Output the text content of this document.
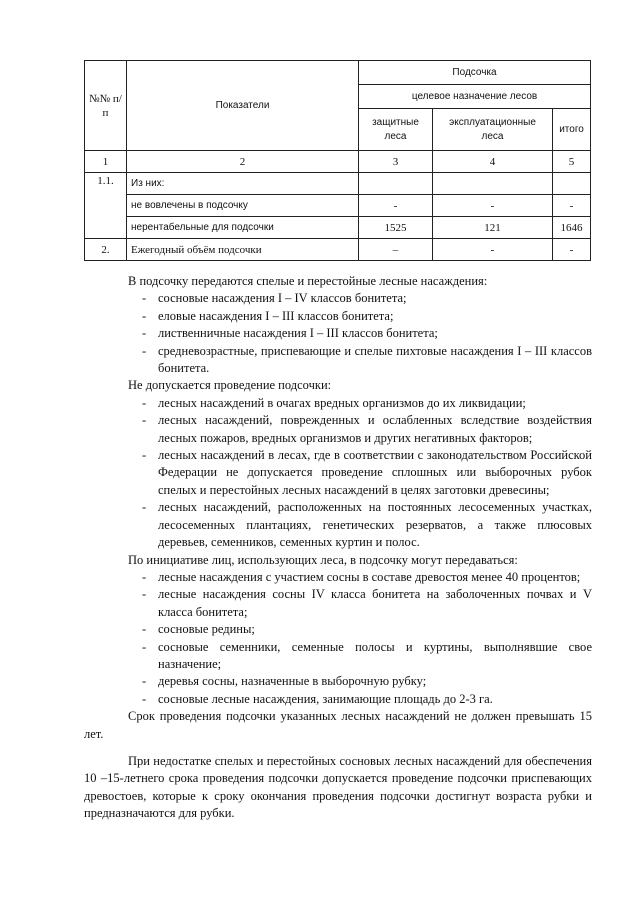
№№ п/п	Показатели	Подсочка		
		целевое назначение лесов		
		защитные леса	эксплуатационные леса	итого
1	2	3	4	5
1.1.	Из них:			
	не вовлечены в подсочку	-	-	-
	нерентабельные для подсочки	1525	121	1646
2.	Ежегодный объём подсочки	–	-	-

В подсочку передаются спелые и перестойные лесные насаждения:

- сосновые насаждения I – IV классов бонитета;
- еловые насаждения I – III классов бонитета;
- лиственничные насаждения I – III классов бонитета;
- средневозрастные, приспевающие и спелые пихтовые насаждения I – III классов бонитета.

Не допускается проведение подсочки:

- лесных насаждений в очагах вредных организмов до их ликвидации;
- лесных насаждений, поврежденных и ослабленных вследствие воздействия лесных пожаров, вредных организмов и других негативных факторов;
- лесных насаждений в лесах, где в соответствии с законодательством Российской Федерации не допускается проведение сплошных или выборочных рубок спелых и перестойных лесных насаждений в целях заготовки древесины;
- лесных насаждений, расположенных на постоянных лесосеменных участках, лесосеменных плантациях, генетических резерватов, а также плюсовых деревьев, семенников, семенных куртин и полос.

По инициативе лиц, использующих леса, в подсочку могут передаваться:

- лесные насаждения с участием сосны в составе древостоя менее 40 процентов;
- лесные насаждения сосны IV класса бонитета на заболоченных почвах и V класса бонитета;
- сосновые редины;
- сосновые семенники, семенные полосы и куртины, выполнявшие свое назначение;
- деревья сосны, назначенные в выборочную рубку;
- сосновые лесные насаждения, занимающие площадь до 2-3 га.

Срок проведения подсочки указанных лесных насаждений не должен превышать 15 лет.

При недостатке спелых и перестойных сосновых лесных насаждений для обеспечения 10 –15-летнего срока проведения подсочки допускается проведение подсочки приспевающих древостоев, которые к сроку окончания проведения подсочки достигнут возраста рубки и предназначаются для рубки.
